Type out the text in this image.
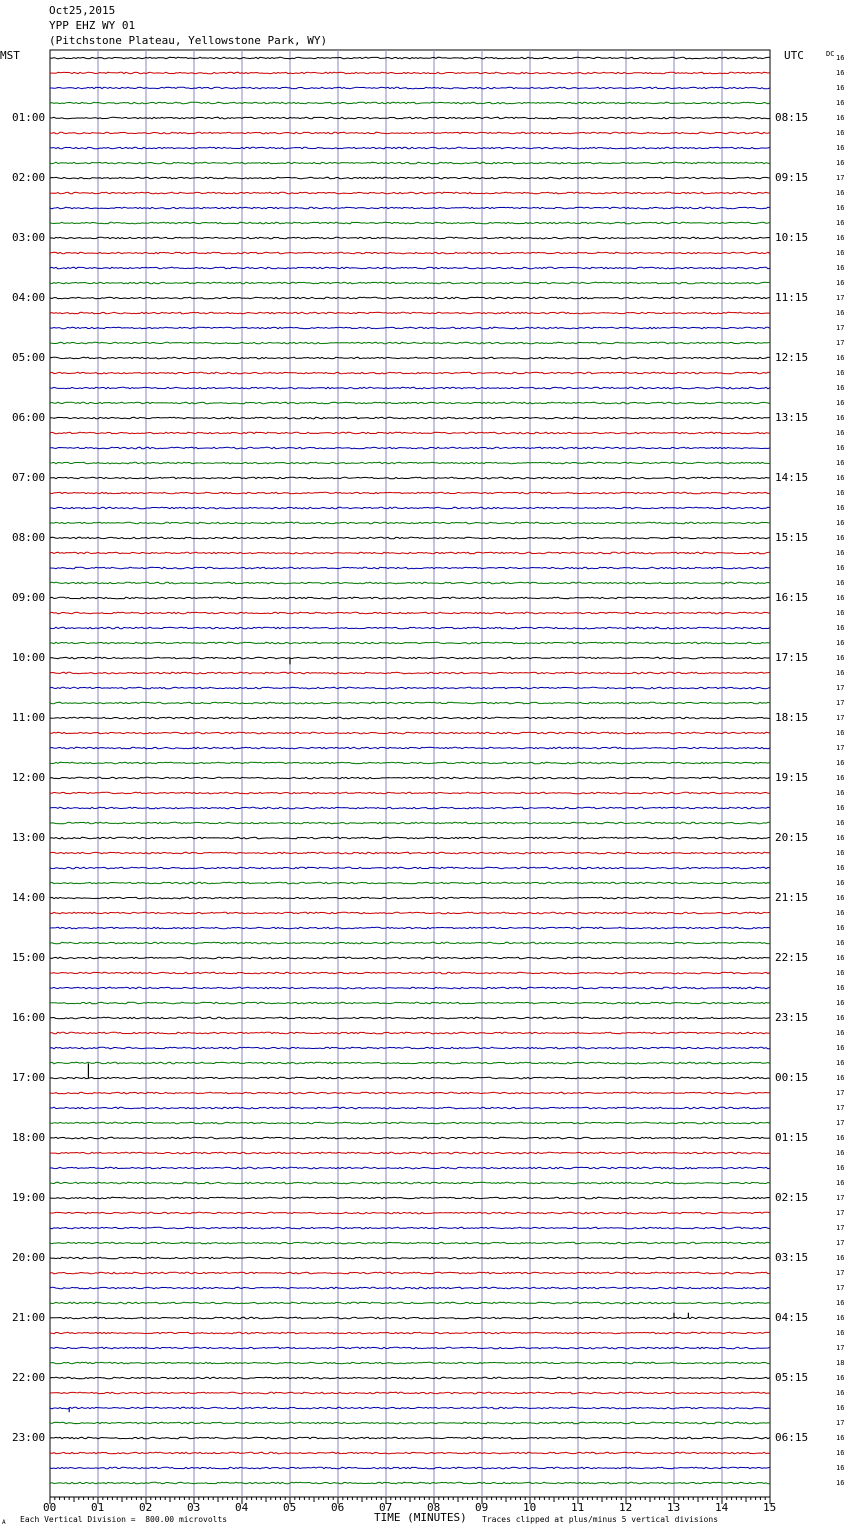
Oct25,2015
YPP EHZ WY 01
(Pitchstone Plateau, Yellowstone Park, WY)
MST	UTC	DC
01:00
02:00
03:00
04:00
05:00
06:00
07:00
08:00
09:00
10:00
11:00
12:00
13:00
14:00
15:00
16:00
17:00
18:00
19:00
20:00
21:00
22:00
23:00
08:15
09:15
10:15
11:15
12:15
13:15
14:15
15:15
16:15
17:15
18:15
19:15
20:15
21:15
22:15
23:15
00:15
01:15
02:15
03:15
04:15
05:15
06:15
16
16
16
16
16
16
16
16
17
16
16
16
16
16
16
16
17
16
17
17
16
16
16
16
16
16
16
16
16
16
16
16
16
16
16
16
16
16
16
16
16
16
17
17
17
16
17
16
16
16
16
16
16
16
16
16
16
16
16
16
16
16
16
16
16
16
16
16
16
17
17
17
16
16
16
16
17
17
17
17
16
17
17
16
16
16
17
18
16
16
16
17
16
16
16
16
00	01	02	03	04	05	06	07	08	09	10	11	12	13	14	15
TIME (MINUTES)
A Each Vertical Division =  800.00 microvolts	Traces clipped at plus/minus 5 vertical divisions
